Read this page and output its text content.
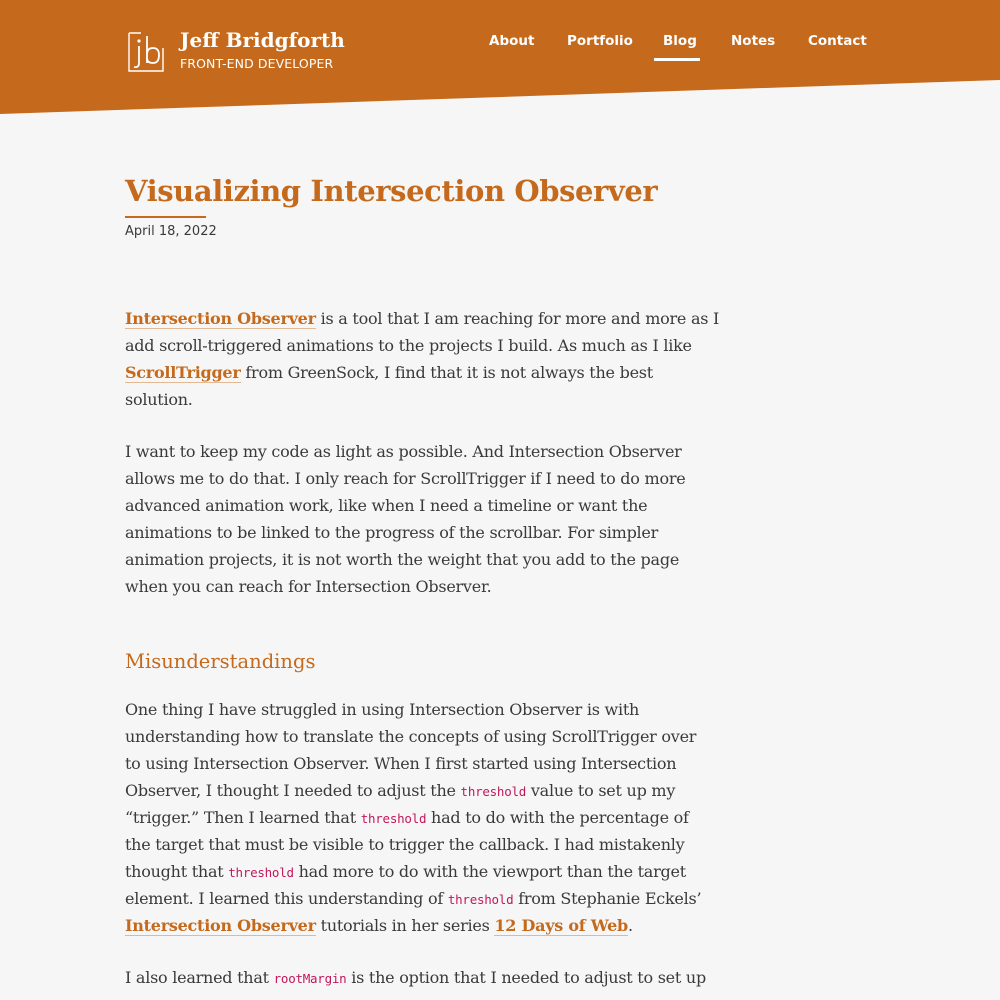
Jeff Bridgforth
FRONT-END DEVELOPER
About Portfolio Blog	Notes Contact
Visualizing Intersection Observer
April 18, 2022
Intersection Observer is a tool that I am reaching for more and more as I
add scroll-triggered animations to the projects I build. As much as I like
ScrollTrigger from GreenSock, I find that it is not always the best
solution.
I want to keep my code as light as possible. And Intersection Observer
allows me to do that. I only reach for ScrollTrigger if I need to do more
advanced animation work, like when I need a timeline or want the
animations to be linked to the progress of the scrollbar. For simpler
animation projects, it is not worth the weight that you add to the page
when you can reach for Intersection Observer.
Misunderstandings
One thing I have struggled in using Intersection Observer is with
understanding how to translate the concepts of using ScrollTrigger over
to using Intersection Observer. When I first started using Intersection
Observer, I thought I needed to adjust the threshold value to set up my
“trigger.” Then I learned that threshold had to do with the percentage of
the target that must be visible to trigger the callback. I had mistakenly
thought that threshold had more to do with the viewport than the target
element. I learned this understanding of threshold from Stephanie Eckels’
Intersection Observer tutorials in her series 12 Days of Web.
I also learned that rootMargin is the option that I needed to adjust to set up
